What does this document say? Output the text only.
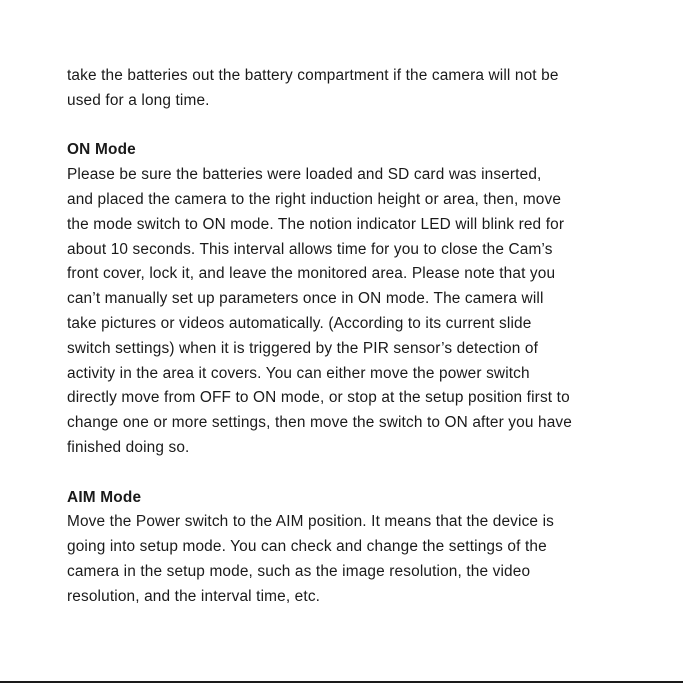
take the batteries out the battery compartment if the camera will not be
used for a long time.
ON Mode
Please be sure the batteries were loaded and SD card was inserted,
and placed the camera to the right induction height or area, then, move
the mode switch to ON mode. The notion indicator LED will blink red for
about 10 seconds. This interval allows time for you to close the Cam’s
front cover, lock it, and leave the monitored area. Please note that you
can’t manually set up parameters once in ON mode. The camera will
take pictures or videos automatically. (According to its current slide
switch settings) when it is triggered by the PIR sensor’s detection of
activity in the area it covers. You can either move the power switch
directly move from OFF to ON mode, or stop at the setup position first to
change one or more settings, then move the switch to ON after you have
finished doing so.
AIM Mode
Move the Power switch to the AIM position. It means that the device is
going into setup mode. You can check and change the settings of the
camera in the setup mode, such as the image resolution, the video
resolution, and the interval time, etc.
